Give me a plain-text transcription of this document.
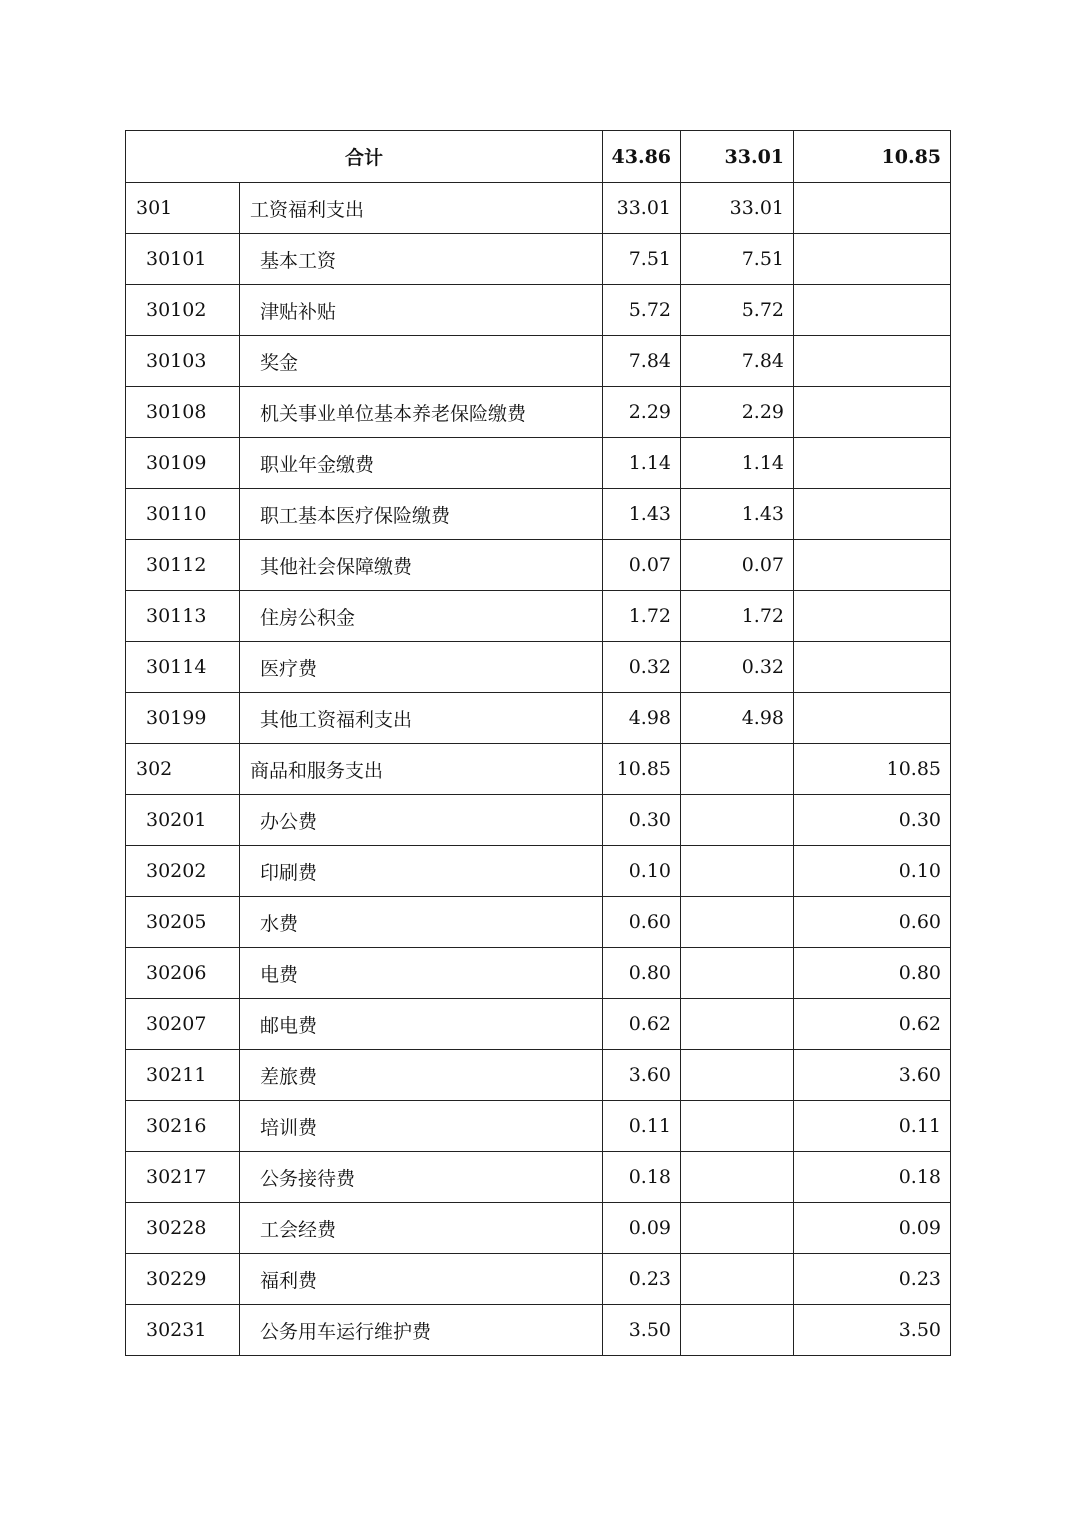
合计		43.86	33.01	10.85
301	工资福利支出	33.01	33.01	
30101	基本工资	7.51	7.51	
30102	津贴补贴	5.72	5.72	
30103	奖金	7.84	7.84	
30108	机关事业单位基本养老保险缴费	2.29	2.29	
30109	职业年金缴费	1.14	1.14	
30110	职工基本医疗保险缴费	1.43	1.43	
30112	其他社会保障缴费	0.07	0.07	
30113	住房公积金	1.72	1.72	
30114	医疗费	0.32	0.32	
30199	其他工资福利支出	4.98	4.98	
302	商品和服务支出	10.85		10.85
30201	办公费	0.30		0.30
30202	印刷费	0.10		0.10
30205	水费	0.60		0.60
30206	电费	0.80		0.80
30207	邮电费	0.62		0.62
30211	差旅费	3.60		3.60
30216	培训费	0.11		0.11
30217	公务接待费	0.18		0.18
30228	工会经费	0.09		0.09
30229	福利费	0.23		0.23
30231	公务用车运行维护费	3.50		3.50
